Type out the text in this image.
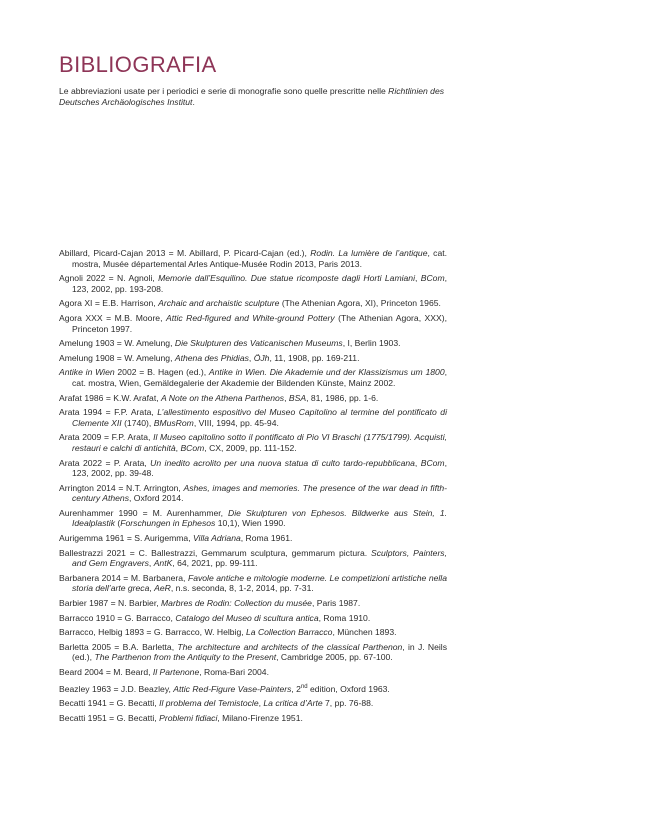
BIBLIOGRAFIA

Le abbreviazioni usate per i periodici e serie di monografie sono quelle prescritte nelle Richtlinien des Deutsches Archäologisches Institut.

Abillard, Picard-Cajan 2013 = M. Abillard, P. Picard-Cajan (ed.), Rodin. La lumière de l’antique, cat. mostra, Musée départemental Arles Antique-Musée Rodin 2013, Paris 2013.
Agnoli 2022 = N. Agnoli, Memorie dall’Esquilino. Due statue ricomposte dagli Horti Lamiani, BCom, 123, 2002, pp. 193-208.
Agora XI = E.B. Harrison, Archaic and archaistic sculpture (The Athenian Agora, XI), Princeton 1965.
Agora XXX = M.B. Moore, Attic Red-figured and White-ground Pottery (The Athenian Agora, XXX), Princeton 1997.
Amelung 1903 = W. Amelung, Die Skulpturen des Vaticanischen Museums, I, Berlin 1903.
Amelung 1908 = W. Amelung, Athena des Phidias, ÖJh, 11, 1908, pp. 169-211.
Antike in Wien 2002 = B. Hagen (ed.), Antike in Wien. Die Akademie und der Klassizismus um 1800, cat. mostra, Wien, Gemäldegalerie der Akademie der Bildenden Künste, Mainz 2002.
Arafat 1986 = K.W. Arafat, A Note on the Athena Parthenos, BSA, 81, 1986, pp. 1-6.
Arata 1994 = F.P. Arata, L’allestimento espositivo del Museo Capitolino al termine del pontificato di Clemente XII (1740), BMusRom, VIII, 1994, pp. 45-94.
Arata 2009 = F.P. Arata, Il Museo capitolino sotto il pontificato di Pio VI Braschi (1775/1799). Acquisti, restauri e calchi di antichità, BCom, CX, 2009, pp. 111-152.
Arata 2022 = P. Arata, Un inedito acrolito per una nuova statua di culto tardo-repubblicana, BCom, 123, 2002, pp. 39-48.
Arrington 2014 = N.T. Arrington, Ashes, images and memories. The presence of the war dead in fifth-century Athens, Oxford 2014.
Aurenhammer 1990 = M. Aurenhammer, Die Skulpturen von Ephesos. Bildwerke aus Stein, 1. Idealplastik (Forschungen in Ephesos 10,1), Wien 1990.
Aurigemma 1961 = S. Aurigemma, Villa Adriana, Roma 1961.
Ballestrazzi 2021 = C. Ballestrazzi, Gemmarum sculptura, gemmarum pictura. Sculptors, Painters, and Gem Engravers, AntK, 64, 2021, pp. 99-111.
Barbanera 2014 = M. Barbanera, Favole antiche e mitologie moderne. Le competizioni artistiche nella storia dell’arte greca, AeR, n.s. seconda, 8, 1-2, 2014, pp. 7-31.
Barbier 1987 = N. Barbier, Marbres de Rodin: Collection du musée, Paris 1987.
Barracco 1910 = G. Barracco, Catalogo del Museo di scultura antica, Roma 1910.
Barracco, Helbig 1893 = G. Barracco, W. Helbig, La Collection Barracco, München 1893.
Barletta 2005 = B.A. Barletta, The architecture and architects of the classical Parthenon, in J. Neils (ed.), The Parthenon from the Antiquity to the Present, Cambridge 2005, pp. 67-100.
Beard 2004 = M. Beard, Il Partenone, Roma-Bari 2004.
Beazley 1963 = J.D. Beazley, Attic Red-Figure Vase-Painters, 2nd edition, Oxford 1963.
Becatti 1941 = G. Becatti, Il problema del Temistocle, La critica d’Arte 7, pp. 76-88.
Becatti 1951 = G. Becatti, Problemi fidiaci, Milano-Firenze 1951.
